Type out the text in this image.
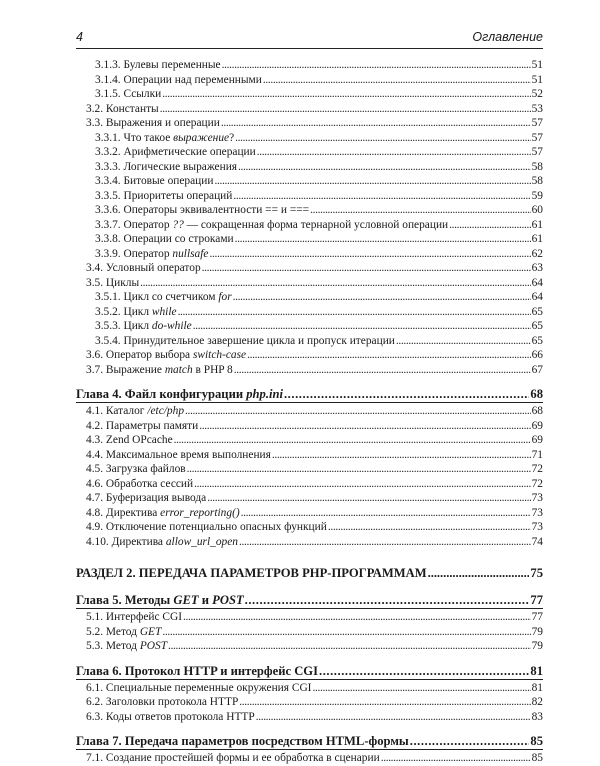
4	Оглавление
3.1.3. Булевы переменные . . .	51
3.1.4. Операции над переменными . . .	51
3.1.5. Ссылки . . .	52
3.2. Константы . . .	53
3.3. Выражения и операции . . .	57
3.3.1. Что такое выражение? . . .	57
3.3.2. Арифметические операции . . .	57
3.3.3. Логические выражения . . .	58
3.3.4. Битовые операции . . .	58
3.3.5. Приоритеты операций . . .	59
3.3.6. Операторы эквивалентности == и === . . .	60
3.3.7. Оператор ?? — сокращенная форма тернарной условной операции . . .	61
3.3.8. Операции со строками . . .	61
3.3.9. Оператор nullsafe . . .	62
3.4. Условный оператор . . .	63
3.5. Циклы . . .	64
3.5.1. Цикл со счетчиком for . . .	64
3.5.2. Цикл while . . .	65
3.5.3. Цикл do-while . . .	65
3.5.4. Принудительное завершение цикла и пропуск итерации . . .	65
3.6. Оператор выбора switch-case . . .	66
3.7. Выражение match в PHP 8 . . .	67
Глава 4. Файл конфигурации php.ini . . .	68
4.1. Каталог /etc/php . . .	68
4.2. Параметры памяти . . .	69
4.3. Zend OPcache . . .	69
4.4. Максимальное время выполнения . . .	71
4.5. Загрузка файлов . . .	72
4.6. Обработка сессий . . .	72
4.7. Буферизация вывода . . .	73
4.8. Директива error_reporting() . . .	73
4.9. Отключение потенциально опасных функций . . .	73
4.10. Директива allow_url_open . . .	74
РАЗДЕЛ 2. ПЕРЕДАЧА ПАРАМЕТРОВ PHP-ПРОГРАММАМ . . .	75
Глава 5. Методы GET и POST . . .	77
5.1. Интерфейс CGI . . .	77
5.2. Метод GET . . .	79
5.3. Метод POST . . .	79
Глава 6. Протокол HTTP и интерфейс CGI . . .	81
6.1. Специальные переменные окружения CGI . . .	81
6.2. Заголовки протокола HTTP . . .	82
6.3. Коды ответов протокола HTTP . . .	83
Глава 7. Передача параметров посредством HTML-формы . . .	85
7.1. Создание простейшей формы и ее обработка в сценарии . . .	85
